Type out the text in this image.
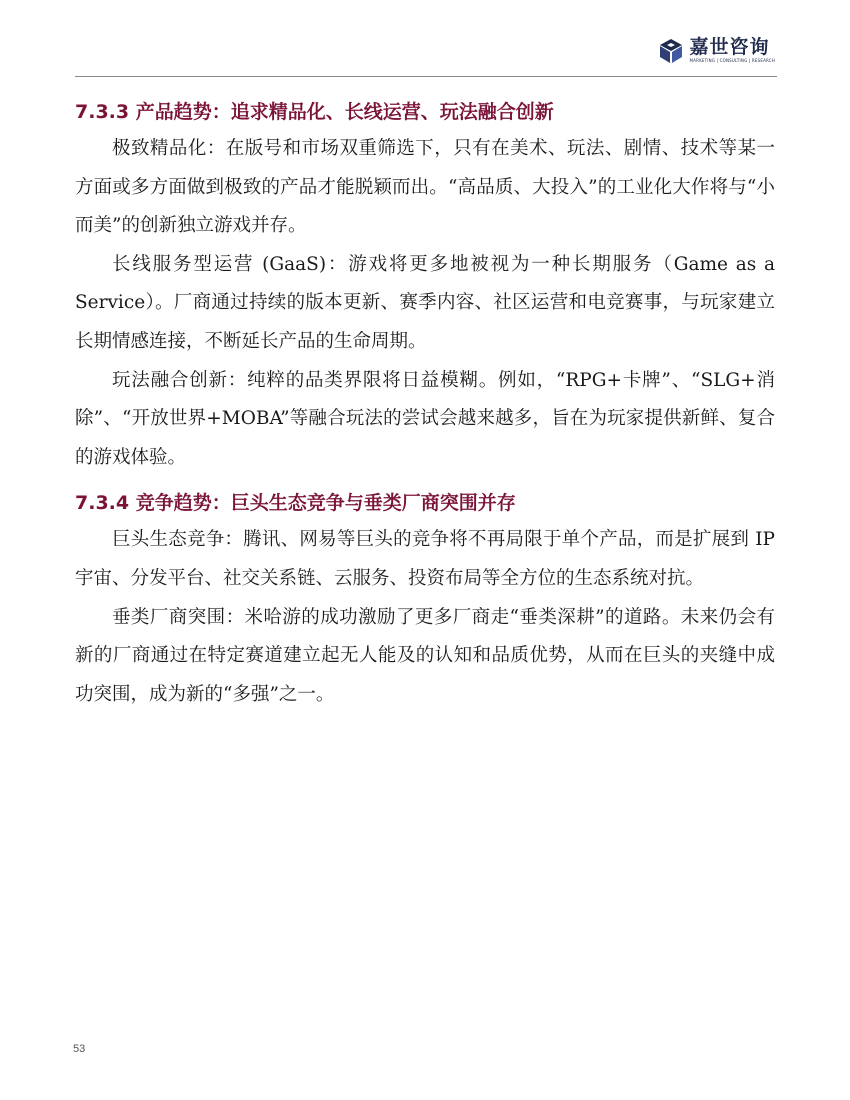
嘉世咨询
MARKETING | CONSULTING | RESEARCH
7.3.3 产品趋势：追求精品化、长线运营、玩法融合创新

极致精品化：在版号和市场双重筛选下，只有在美术、玩法、剧情、技术等某一方面或多方面做到极致的产品才能脱颖而出。“高品质、大投入”的工业化大作将与“小而美”的创新独立游戏并存。

长线服务型运营 (GaaS)：游戏将更多地被视为一种长期服务（Game as a Service）。厂商通过持续的版本更新、赛季内容、社区运营和电竞赛事，与玩家建立长期情感连接，不断延长产品的生命周期。

玩法融合创新：纯粹的品类界限将日益模糊。例如，“RPG+卡牌”、“SLG+消除”、“开放世界+MOBA”等融合玩法的尝试会越来越多，旨在为玩家提供新鲜、复合的游戏体验。

7.3.4 竞争趋势：巨头生态竞争与垂类厂商突围并存

巨头生态竞争：腾讯、网易等巨头的竞争将不再局限于单个产品，而是扩展到 IP 宇宙、分发平台、社交关系链、云服务、投资布局等全方位的生态系统对抗。

垂类厂商突围：米哈游的成功激励了更多厂商走“垂类深耕”的道路。未来仍会有新的厂商通过在特定赛道建立起无人能及的认知和品质优势，从而在巨头的夹缝中成功突围，成为新的“多强”之一。

53
